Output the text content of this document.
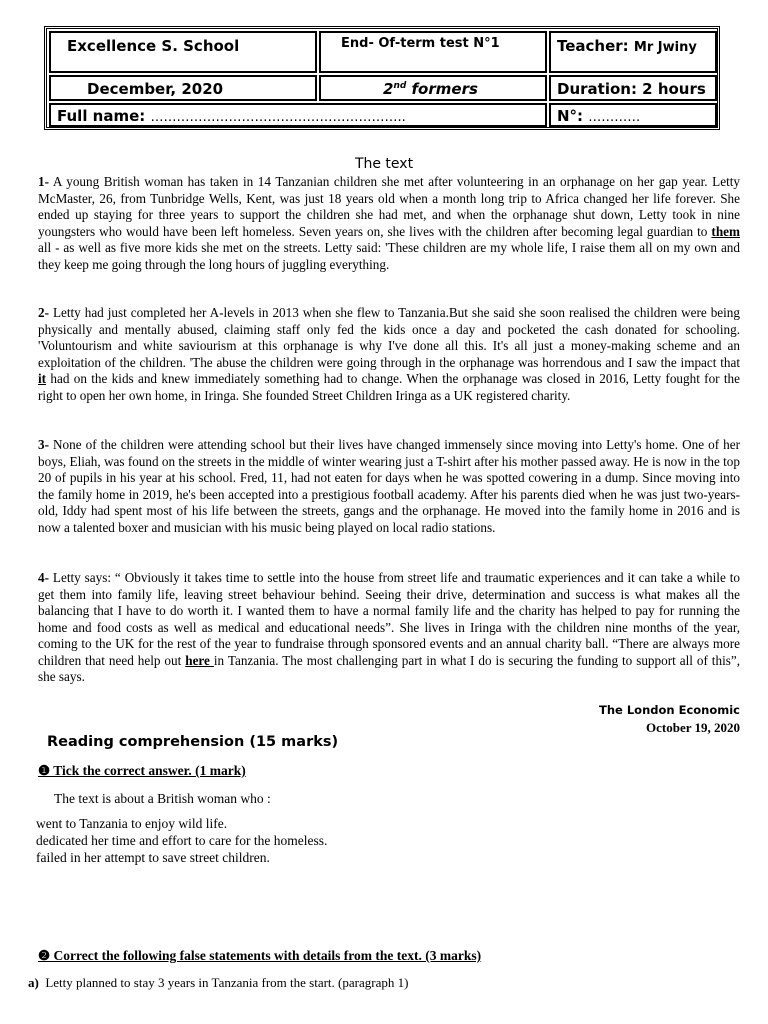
Excellence S. School	End- Of-term test N°1	Teacher: Mr Jwiny
December, 2020	2nd formers	Duration: 2 hours
Full name: …………………………………………………..	N°: …………
The text

1- A young British woman has taken in 14 Tanzanian children she met after volunteering in an orphanage on her gap year. Letty McMaster, 26, from Tunbridge Wells, Kent, was just 18 years old when a month long trip to Africa changed her life forever. She ended up staying for three years to support the children she had met, and when the orphanage shut down, Letty took in nine youngsters who would have been left homeless. Seven years on, she lives with the children after becoming legal guardian to them all - as well as five more kids she met on the streets. Letty said: 'These children are my whole life, I raise them all on my own and they keep me going through the long hours of juggling everything.

2- Letty had just completed her A-levels in 2013 when she flew to Tanzania.But she said she soon realised the children were being physically and mentally abused, claiming staff only fed the kids once a day and pocketed the cash donated for schooling. 'Voluntourism and white saviourism at this orphanage is why I've done all this. It's all just a money-making scheme and an exploitation of the children. 'The abuse the children were going through in the orphanage was horrendous and I saw the impact that it had on the kids and knew immediately something had to change. When the orphanage was closed in 2016, Letty fought for the right to open her own home, in Iringa. She founded Street Children Iringa as a UK registered charity.

3- None of the children were attending school but their lives have changed immensely since moving into Letty's home. One of her boys, Eliah, was found on the streets in the middle of winter wearing just a T-shirt after his mother passed away. He is now in the top 20 of pupils in his year at his school. Fred, 11, had not eaten for days when he was spotted cowering in a dump. Since moving into the family home in 2019, he's been accepted into a prestigious football academy. After his parents died when he was just two-years-old, Iddy had spent most of his life between the streets, gangs and the orphanage. He moved into the family home in 2016 and is now a talented boxer and musician with his music being played on local radio stations.

4- Letty says: “ Obviously it takes time to settle into the house from street life and traumatic experiences and it can take a while to get them into family life, leaving street behaviour behind. Seeing their drive, determination and success is what makes all the balancing that I have to do worth it. I wanted them to have a normal family life and the charity has helped to pay for running the home and food costs as well as medical and educational needs”. She lives in Iringa with the children nine months of the year, coming to the UK for the rest of the year to fundraise through sponsored events and an annual charity ball. “There are always more children that need help out here in Tanzania. The most challenging part in what I do is securing the funding to support all of this”, she says.

The London Economic
October 19, 2020
Reading comprehension (15 marks)
❶ Tick the correct answer. (1 mark)
The text is about a British woman who :
went to Tanzania to enjoy wild life.
dedicated her time and effort to care for the homeless.
failed in her attempt to save street children.
❷ Correct the following false statements with details from the text. (3 marks)
a) Letty planned to stay 3 years in Tanzania from the start. (paragraph 1)
